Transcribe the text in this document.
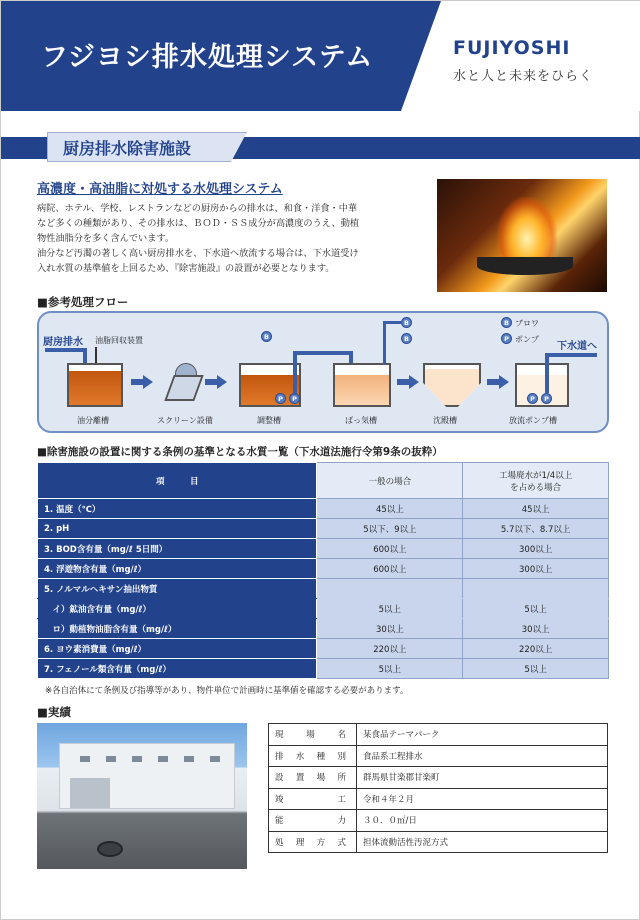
フジヨシ排水処理システム	FUJIYOSHI
水と人と未来をひらく
厨房排水除害施設
高濃度・高油脂に対処する水処理システム
病院、ホテル、学校、レストランなどの厨房からの排水は、和食・洋食・中華
など多くの種類があり、その排水は、ＢＯＤ・ＳＳ成分が高濃度のうえ、動植
物性油脂分を多く含んでいます。
油分など汚濁の著しく高い厨房排水を、下水道へ放流する場合は、下水道受け
入れ水質の基準値を上回るため、『除害施設』の設置が必要となります。
■参考処理フロー
厨房排水 油脂回収装置
油分離槽	スクリーン設備
B
P	P
調整槽
B
B
ばっ気槽	沈殿槽
P	P
放流ポンプ槽
下水道へ
B ブロワ
P ポンプ
■除害施設の設置に関する条例の基準となる水質一覧（下水道法施行令第9条の抜粋）
項　　　目	一般の場合	工場廃水が1/4以上
を占める場合

1. 温度（℃）	45以上	45以上
2. pH	5以下、9以上	5.7以下、8.7以上
3. BOD含有量（mg/ℓ 5日間）	600以上	300以上
4. 浮遊物含有量（mg/ℓ）	600以上	300以上
5. ノルマルヘキサン抽出物質		
　イ）鉱油含有量（mg/ℓ）	5以上	5以上
　ロ）動植物油脂含有量（mg/ℓ）	30以上	30以上
6. ヨウ素消費量（mg/ℓ）	220以上	220以上
7. フェノール類含有量（mg/ℓ）	5以上	5以上
※各自治体にて条例及び指導等があり、物件単位で計画時に基準値を確認する必要があります。
■実績
現場名	某食品テーマパーク
排水種別	食品系工程排水
設置場所	群馬県甘楽郡甘楽町
竣工	令和４年２月
能力	３０．０㎥/日
処理方式	担体流動活性汚泥方式
